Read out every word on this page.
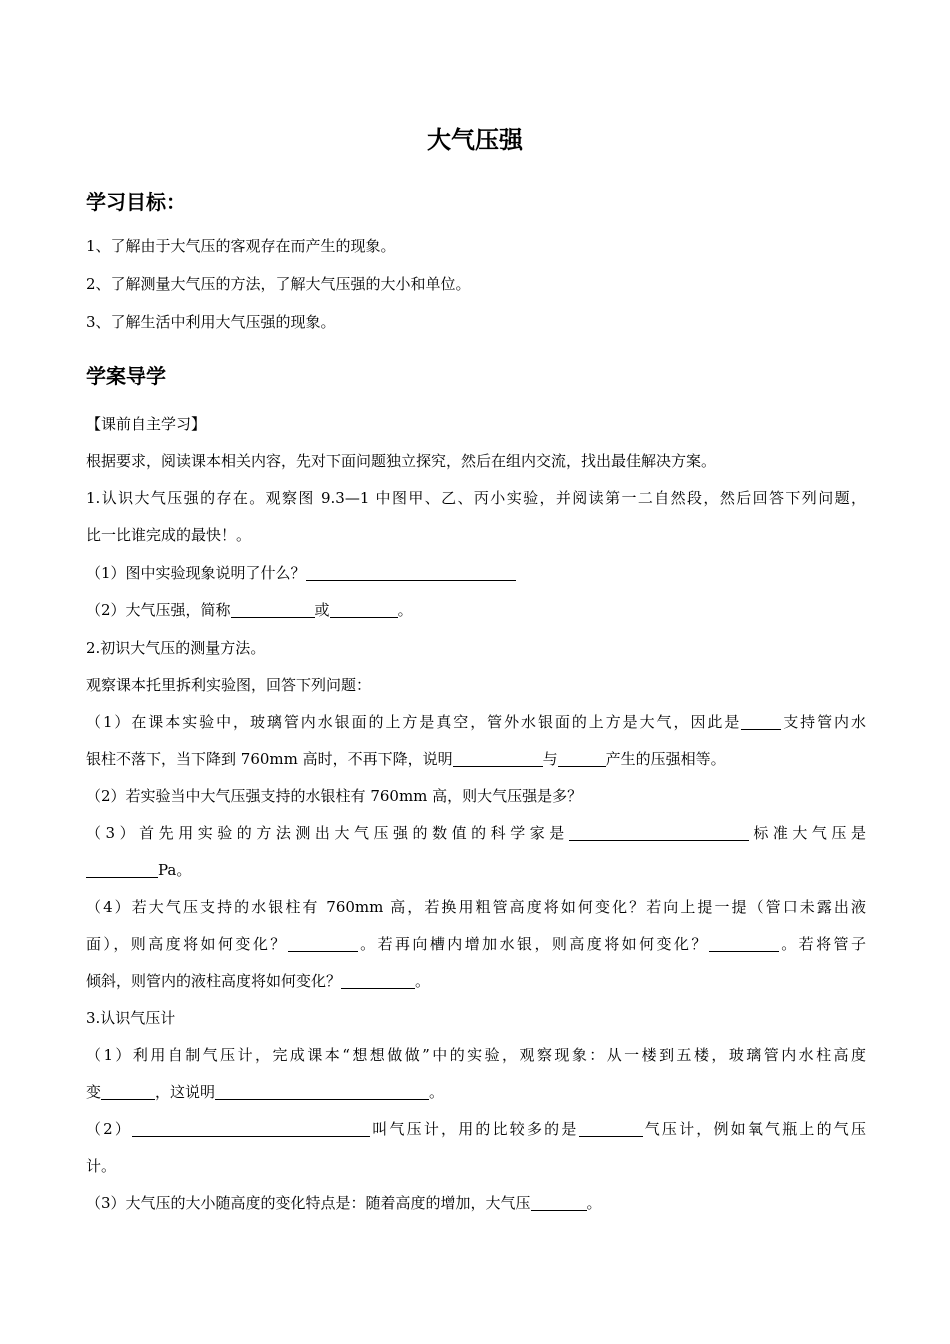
大气压强
学习目标：
1、了解由于大气压的客观存在而产生的现象。
2、了解测量大气压的方法，了解大气压强的大小和单位。
3、了解生活中利用大气压强的现象。
学案导学
【课前自主学习】
根据要求，阅读课本相关内容，先对下面问题独立探究，然后在组内交流，找出最佳解决方案。
1.认识大气压强的存在。观察图 9.3—1 中图甲、乙、丙小实验，并阅读第一二自然段，然后回答下列问题，
比一比谁完成的最快！。
（1）图中实验现象说明了什么？
（2）大气压强，简称	或	。
2.初识大气压的测量方法。
观察课本托里拆利实验图，回答下列问题：
（1）在课本实验中，玻璃管内水银面的上方是真空，管外水银面的上方是大气，因此是	支持管内水
银柱不落下，当下降到 760mm 高时，不再下降，说明	与	产生的压强相等。
（2）若实验当中大气压强支持的水银柱有 760mm 高，则大气压强是多？
（3）首先用实验的方法测出大气压强的数值的科学家是	标准大气压是
Pa。
（4）若大气压支持的水银柱有 760mm 高，若换用粗管高度将如何变化？若向上提一提（管口未露出液
面），则高度将如何变化？	。若再向槽内增加水银，则高度将如何变化？	。若将管子
倾斜，则管内的液柱高度将如何变化？	。
3.认识气压计
（1）利用自制气压计，完成课本“想想做做”中的实验，观察现象：从一楼到五楼，玻璃管内水柱高度
变	，这说明	。
（2）	叫气压计，用的比较多的是	气压计，例如氧气瓶上的气压
计。
（3）大气压的大小随高度的变化特点是：随着高度的增加，大气压	。
